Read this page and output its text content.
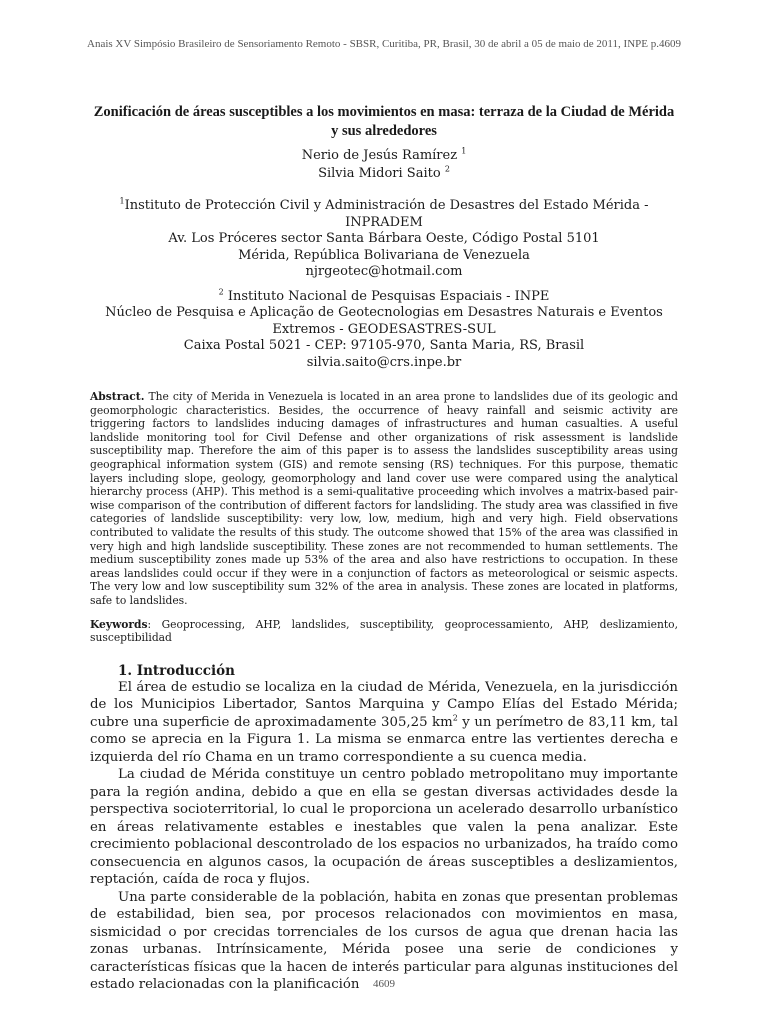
Anais XV Simpósio Brasileiro de Sensoriamento Remoto - SBSR, Curitiba, PR, Brasil, 30 de abril a 05 de maio de 2011, INPE p.4609
Zonificación de áreas susceptibles a los movimientos en masa: terraza de la Ciudad de Mérida y sus alrededores
Nerio de Jesús Ramírez $^1$
Silvia Midori Saito $^2$
$^1$Instituto de Protección Civil y Administración de Desastres del Estado Mérida - INPRADEM
Av. Los Próceres sector Santa Bárbara Oeste, Código Postal 5101
Mérida, República Bolivariana de Venezuela
njrgeotec@hotmail.com
$^2$ Instituto Nacional de Pesquisas Espaciais - INPE
Núcleo de Pesquisa e Aplicação de Geotecnologias em Desastres Naturais e Eventos
Extremos - GEODESASTRES-SUL
Caixa Postal 5021 - CEP: 97105-970, Santa Maria, RS, Brasil
silvia.saito@crs.inpe.br
Abstract. The city of Merida in Venezuela is located in an area prone to landslides due of its geologic and geomorphologic characteristics. Besides, the occurrence of heavy rainfall and seismic activity are triggering factors to landslides inducing damages of infrastructures and human casualties. A useful landslide monitoring tool for Civil Defense and other organizations of risk assessment is landslide susceptibility map. Therefore the aim of this paper is to assess the landslides susceptibility areas using geographical information system (GIS) and remote sensing (RS) techniques. For this purpose, thematic layers including slope, geology, geomorphology and land cover use were compared using the analytical hierarchy process (AHP). This method is a semi-qualitative proceeding which involves a matrix-based pair-wise comparison of the contribution of different factors for landsliding. The study area was classified in five categories of landslide susceptibility: very low, low, medium, high and very high. Field observations contributed to validate the results of this study. The outcome showed that 15% of the area was classified in very high and high landslide susceptibility. These zones are not recommended to human settlements. The medium susceptibility zones made up 53% of the area and also have restrictions to occupation. In these areas landslides could occur if they were in a conjunction of factors as meteorological or seismic aspects. The very low and low susceptibility sum 32% of the area in analysis. These zones are located in platforms, safe to landslides.
Keywords: Geoprocessing, AHP, landslides, susceptibility, geoprocessamiento, AHP, deslizamiento, susceptibilidad
1. Introducción

El área de estudio se localiza en la ciudad de Mérida, Venezuela, en la jurisdicción de los Municipios Libertador, Santos Marquina y Campo Elías del Estado Mérida; cubre una superficie de aproximadamente 305,25 $km^2$ y un perímetro de 83,11 km, tal como se aprecia en la Figura 1. La misma se enmarca entre las vertientes derecha e izquierda del río Chama en un tramo correspondiente a su cuenca media.

La ciudad de Mérida constituye un centro poblado metropolitano muy importante para la región andina, debido a que en ella se gestan diversas actividades desde la perspectiva socioterritorial, lo cual le proporciona un acelerado desarrollo urbanístico en áreas relativamente estables e inestables que valen la pena analizar. Este crecimiento poblacional descontrolado de los espacios no urbanizados, ha traído como consecuencia en algunos casos, la ocupación de áreas susceptibles a deslizamientos, reptación, caída de roca y flujos.

Una parte considerable de la población, habita en zonas que presentan problemas de estabilidad, bien sea, por procesos relacionados con movimientos en masa, sismicidad o por crecidas torrenciales de los cursos de agua que drenan hacia las zonas urbanas. Intrínsicamente, Mérida posee una serie de condiciones y características físicas que la hacen de interés particular para algunas instituciones del estado relacionadas con la planificación	4609
